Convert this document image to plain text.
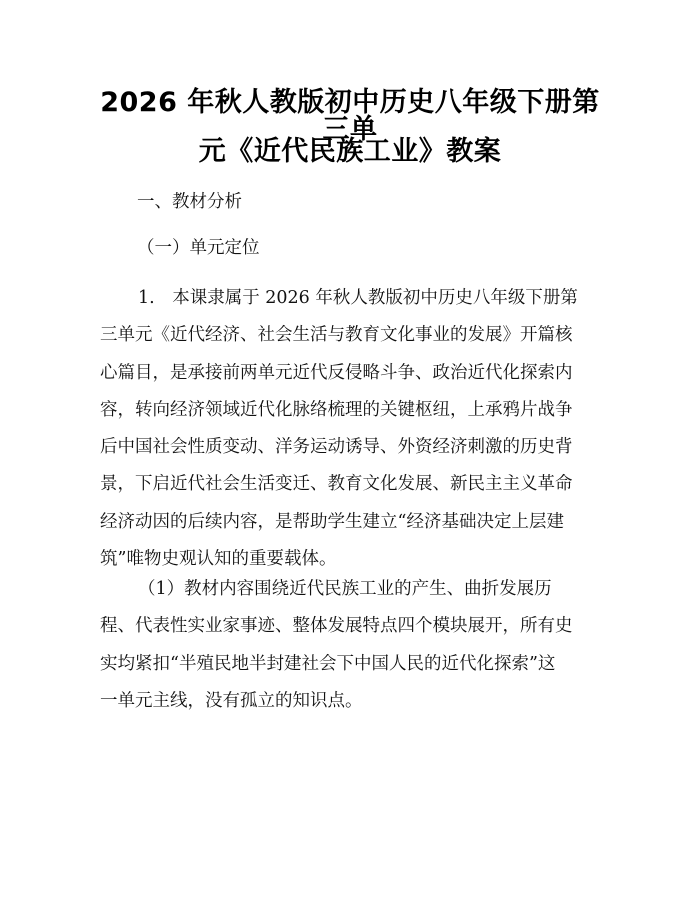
2026 年秋人教版初中历史八年级下册第三单
元《近代民族工业》教案
一、教材分析
（一）单元定位
1.　本课隶属于 2026 年秋人教版初中历史八年级下册第
三单元《近代经济、社会生活与教育文化事业的发展》开篇核
心篇目，是承接前两单元近代反侵略斗争、政治近代化探索内
容，转向经济领域近代化脉络梳理的关键枢纽，上承鸦片战争
后中国社会性质变动、洋务运动诱导、外资经济刺激的历史背
景，下启近代社会生活变迁、教育文化发展、新民主主义革命
经济动因的后续内容，是帮助学生建立“经济基础决定上层建
筑”唯物史观认知的重要载体。
（1）教材内容围绕近代民族工业的产生、曲折发展历
程、代表性实业家事迹、整体发展特点四个模块展开，所有史
实均紧扣“半殖民地半封建社会下中国人民的近代化探索”这
一单元主线，没有孤立的知识点。
